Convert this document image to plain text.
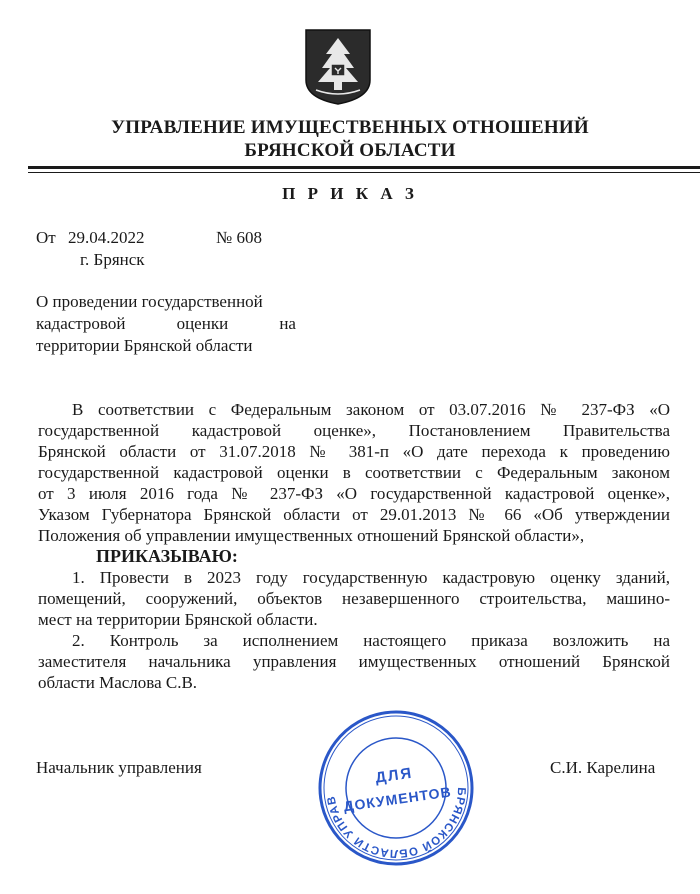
УПРАВЛЕНИЕ ИМУЩЕСТВЕННЫХ ОТНОШЕНИЙ
БРЯНСКОЙ ОБЛАСТИ
П Р И К А З
От 29.04.2022	№ 608
г. Брянск
О проведении государственной
кадастровой	оценки	на
территории Брянской области
В соответствии с Федеральным законом от 03.07.2016 № 237-ФЗ «О
государственной кадастровой оценке», Постановлением Правительства
Брянской области от 31.07.2018 № 381-п «О дате перехода к проведению
государственной кадастровой оценки в соответствии с Федеральным законом
от 3 июля 2016 года № 237-ФЗ «О государственной кадастровой оценке»,
Указом Губернатора Брянской области от 29.01.2013 № 66 «Об утверждении
Положения об управлении имущественных отношений Брянской области»,
ПРИКАЗЫВАЮ:
1. Провести в 2023 году государственную кадастровую оценку зданий,
помещений, сооружений, объектов незавершенного строительства, машино-
мест на территории Брянской области.
2. Контроль за исполнением настоящего приказа возложить на
заместителя начальника управления имущественных отношений Брянской
области Маслова С.В.
Начальник управления	С.И. Карелина
БРЯНСКОЙ ОБЛАСТИ УПРАВЛЕНИЕ
ДЛЯ
ДОКУМЕНТОВ
